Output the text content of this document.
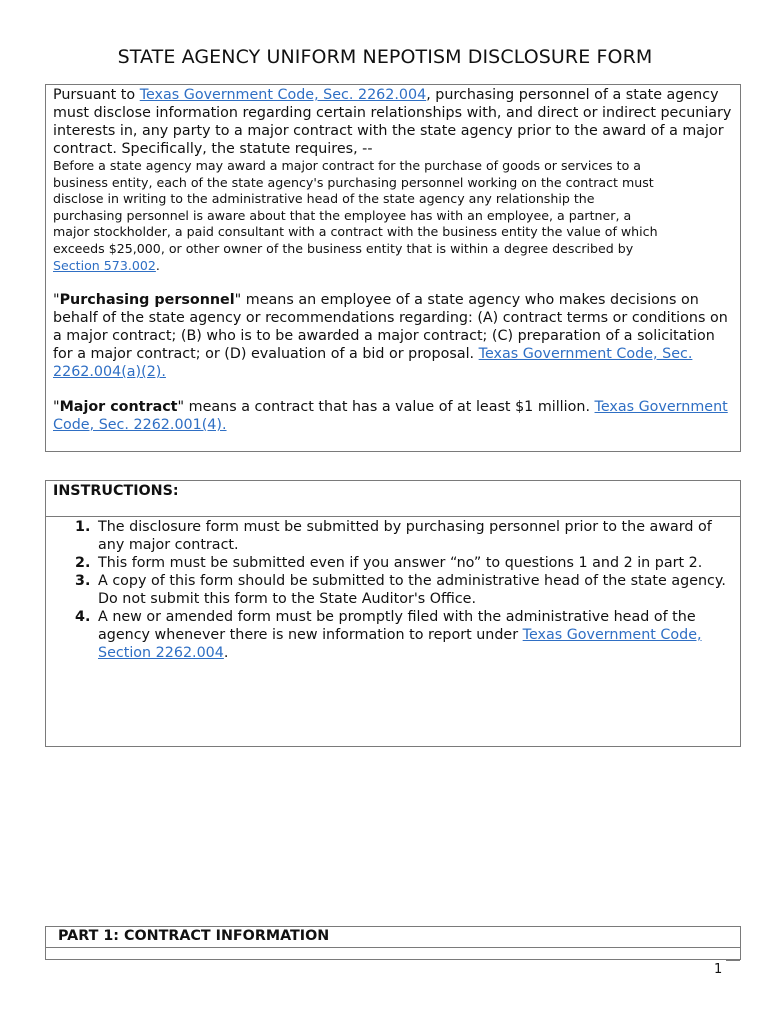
STATE AGENCY UNIFORM NEPOTISM DISCLOSURE FORM

Pursuant to Texas Government Code, Sec. 2262.004, purchasing personnel of a state agency must disclose information regarding certain relationships with, and direct or indirect pecuniary interests in, any party to a major contract with the state agency prior to the award of a major contract. Specifically, the statute requires, --

Before a state agency may award a major contract for the purchase of goods or services to a business entity, each of the state agency's purchasing personnel working on the contract must disclose in writing to the administrative head of the state agency any relationship the purchasing personnel is aware about that the employee has with an employee, a partner, a major stockholder, a paid consultant with a contract with the business entity the value of which exceeds $25,000, or other owner of the business entity that is within a degree described by Section 573.002.

"Purchasing personnel" means an employee of a state agency who makes decisions on behalf of the state agency or recommendations regarding: (A) contract terms or conditions on a major contract; (B) who is to be awarded a major contract; (C) preparation of a solicitation for a major contract; or (D) evaluation of a bid or proposal. Texas Government Code, Sec. 2262.004(a)(2).

"Major contract" means a contract that has a value of at least $1 million. Texas Government Code, Sec. 2262.001(4).

INSTRUCTIONS:
1. The disclosure form must be submitted by purchasing personnel prior to the award of any major contract.
2. This form must be submitted even if you answer “no” to questions 1 and 2 in part 2.
3. A copy of this form should be submitted to the administrative head of the state agency. Do not submit this form to the State Auditor's Office.
4. A new or amended form must be promptly filed with the administrative head of the agency whenever there is new information to report under Texas Government Code, Section 2262.004.
PART 1: CONTRACT INFORMATION
1
